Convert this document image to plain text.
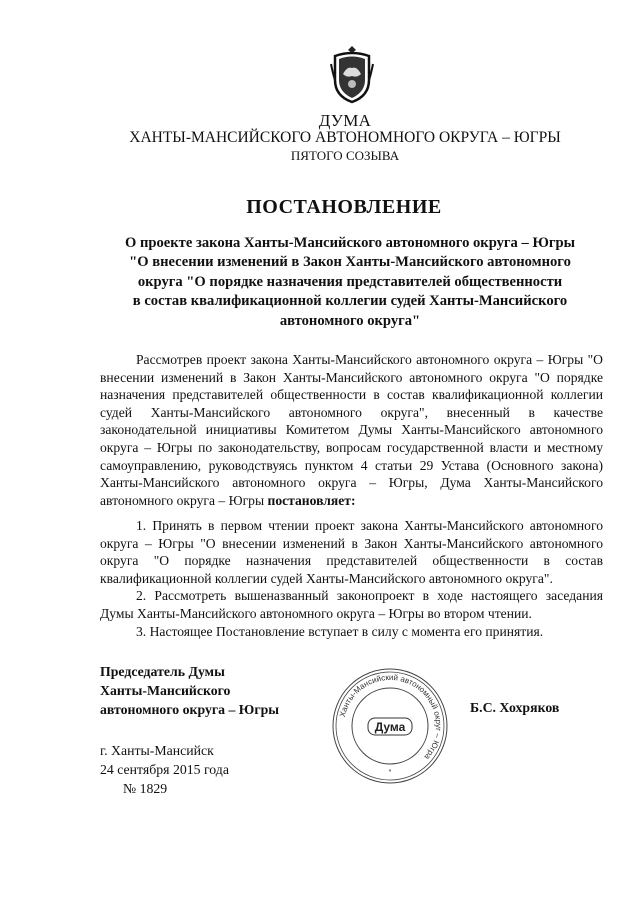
ДУМА
ХАНТЫ-МАНСИЙСКОГО АВТОНОМНОГО ОКРУГА – ЮГРЫ
ПЯТОГО СОЗЫВА
ПОСТАНОВЛЕНИЕ
О проекте закона Ханты-Мансийского автономного округа – Югры
"О внесении изменений в Закон Ханты-Мансийского автономного
округа "О порядке назначения представителей общественности
в состав квалификационной коллегии судей Ханты-Мансийского
автономного округа"
Рассмотрев проект закона Ханты-Мансийского автономного округа – Югры "О внесении изменений в Закон Ханты-Мансийского автономного округа "О порядке назначения представителей общественности в состав квалификационной коллегии судей Ханты-Мансийского автономного округа", внесенный в качестве законодательной инициативы Комитетом Думы Ханты-Мансийского автономного округа – Югры по законодательству, вопросам государственной власти и местному самоуправлению, руководствуясь пунктом 4 статьи 29 Устава (Основного закона) Ханты-Мансийского автономного округа – Югры, Дума Ханты-Мансийского автономного округа – Югры постановляет:

1. Принять в первом чтении проект закона Ханты-Мансийского автономного округа – Югры "О внесении изменений в Закон Ханты-Мансийского автономного округа "О порядке назначения представителей общественности в состав квалификационной коллегии судей Ханты-Мансийского автономного округа".

2. Рассмотреть вышеназванный законопроект в ходе настоящего заседания Думы Ханты-Мансийского автономного округа – Югры во втором чтении.

3. Настоящее Постановление вступает в силу с момента его принятия.

Председатель Думы
Ханты-Мансийского
автономного округа – Югры	Ханты-Мансийский автономный округ – Югра
Дума
*
Б.С. Хохряков
г. Ханты-Мансийск
24 сентября 2015 года
№ 1829
